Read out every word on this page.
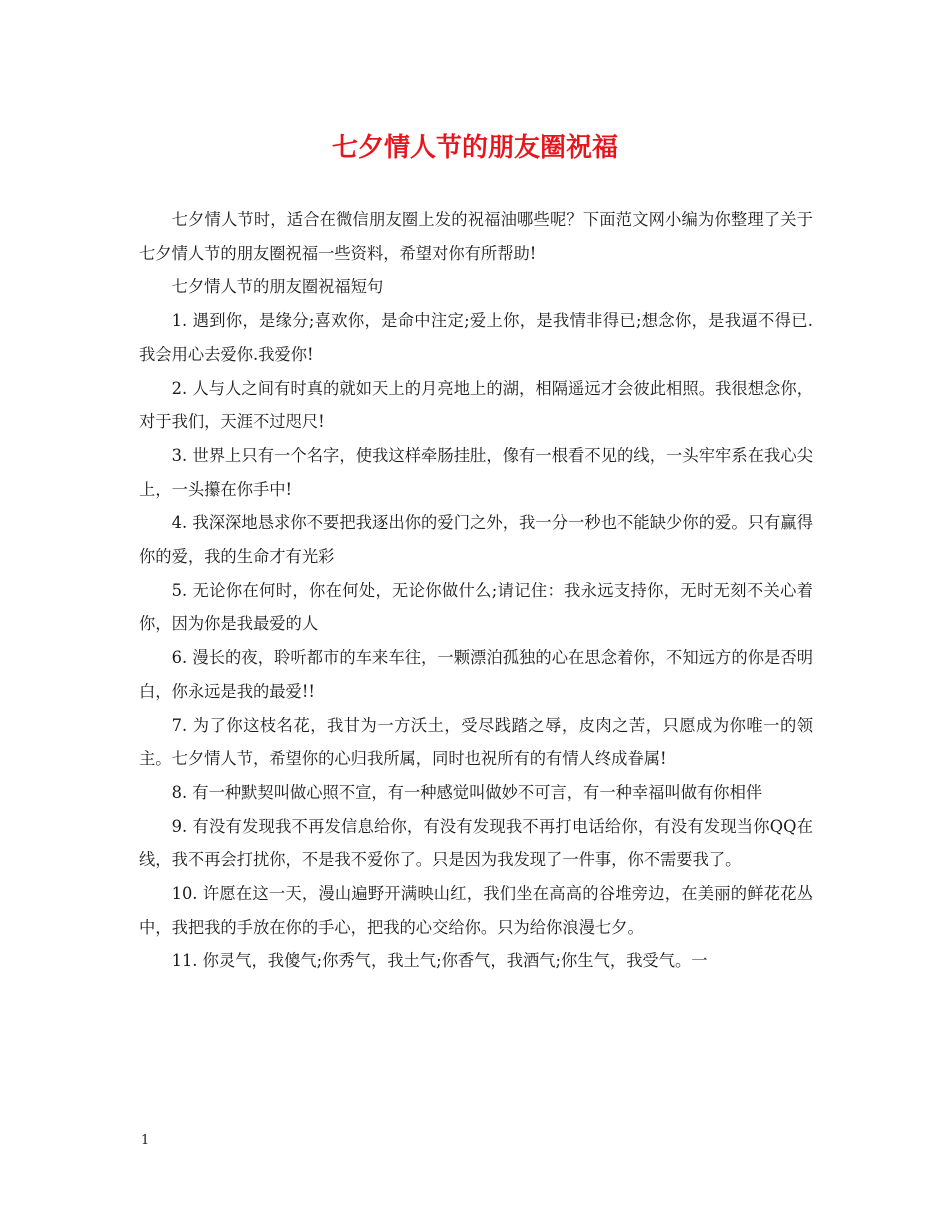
七夕情人节的朋友圈祝福

七夕情人节时，适合在微信朋友圈上发的祝福油哪些呢？下面范文网小编为你整理了关于七夕情人节的朋友圈祝福一些资料，希望对你有所帮助!

七夕情人节的朋友圈祝福短句

1. 遇到你，是缘分;喜欢你，是命中注定;爱上你，是我情非得已;想念你，是我逼不得已.我会用心去爱你.我爱你!

2. 人与人之间有时真的就如天上的月亮地上的湖，相隔遥远才会彼此相照。我很想念你，对于我们，天涯不过咫尺!

3. 世界上只有一个名字，使我这样牵肠挂肚，像有一根看不见的线，一头牢牢系在我心尖上，一头攥在你手中!

4. 我深深地恳求你不要把我逐出你的爱门之外，我一分一秒也不能缺少你的爱。只有赢得你的爱，我的生命才有光彩

5. 无论你在何时，你在何处，无论你做什么;请记住：我永远支持你，无时无刻不关心着你，因为你是我最爱的人

6. 漫长的夜，聆听都市的车来车往，一颗漂泊孤独的心在思念着你，不知远方的你是否明白，你永远是我的最爱!!

7. 为了你这枝名花，我甘为一方沃土，受尽践踏之辱，皮肉之苦，只愿成为你唯一的领主。七夕情人节，希望你的心归我所属，同时也祝所有的有情人终成眷属!

8. 有一种默契叫做心照不宣，有一种感觉叫做妙不可言，有一种幸福叫做有你相伴

9. 有没有发现我不再发信息给你，有没有发现我不再打电话给你，有没有发现当你QQ在线，我不再会打扰你，不是我不爱你了。只是因为我发现了一件事，你不需要我了。

10. 许愿在这一天，漫山遍野开满映山红，我们坐在高高的谷堆旁边，在美丽的鲜花花丛中，我把我的手放在你的手心，把我的心交给你。只为给你浪漫七夕。

11. 你灵气，我傻气;你秀气，我土气;你香气，我酒气;你生气，我受气。一

1
